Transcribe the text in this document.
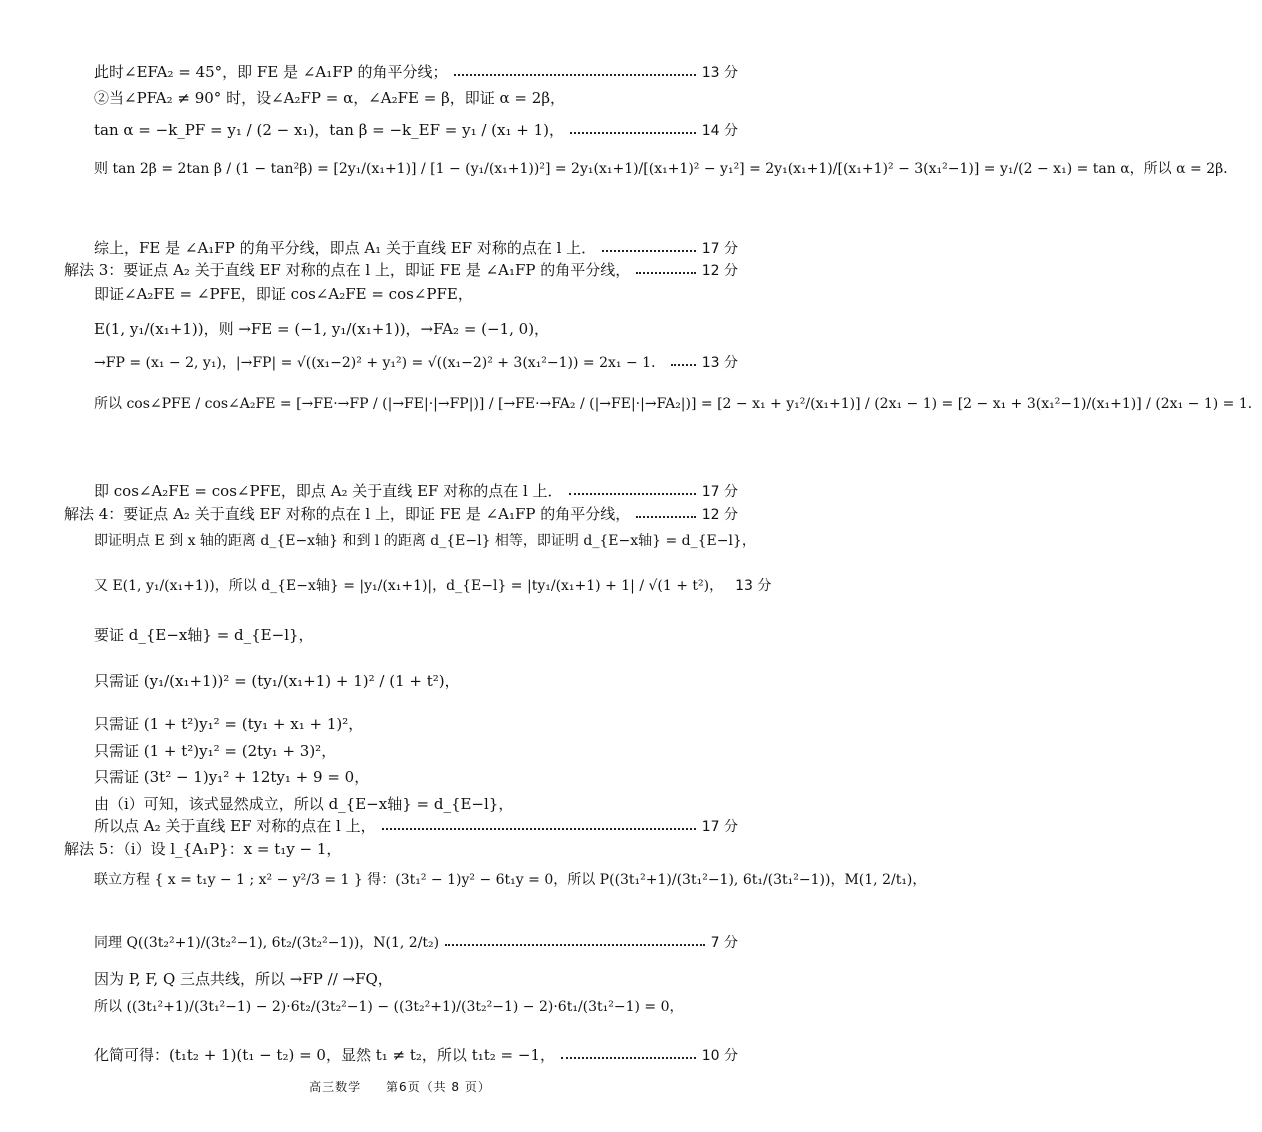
此时∠EFA₂ = 45°，即 FE 是 ∠A₁FP 的角平分线；	13 分
②当∠PFA₂ ≠ 90° 时，设∠A₂FP = α，∠A₂FE = β，即证 α = 2β，
tan α = −k_PF = y₁ / (2 − x₁)，tan β = −k_EF = y₁ / (x₁ + 1)，	14 分
则 tan 2β = 2tan β / (1 − tan²β) = [2y₁/(x₁+1)] / [1 − (y₁/(x₁+1))²] = 2y₁(x₁+1)/[(x₁+1)² − y₁²] = 2y₁(x₁+1)/[(x₁+1)² − 3(x₁²−1)] = y₁/(2 − x₁) = tan α，所以 α = 2β．
综上，FE 是 ∠A₁FP 的角平分线，即点 A₁ 关于直线 EF 对称的点在 l 上．	17 分
解法 3：要证点 A₂ 关于直线 EF 对称的点在 l 上，即证 FE 是 ∠A₁FP 的角平分线，	12 分
即证∠A₂FE = ∠PFE，即证 cos∠A₂FE = cos∠PFE，
E(1, y₁/(x₁+1))，则 →FE = (−1, y₁/(x₁+1))，→FA₂ = (−1, 0)，
→FP = (x₁ − 2, y₁)，|→FP| = √((x₁−2)² + y₁²) = √((x₁−2)² + 3(x₁²−1)) = 2x₁ − 1．	13 分
所以 cos∠PFE / cos∠A₂FE = [→FE·→FP / (|→FE|·|→FP|)] / [→FE·→FA₂ / (|→FE|·|→FA₂|)] = [2 − x₁ + y₁²/(x₁+1)] / (2x₁ − 1) = [2 − x₁ + 3(x₁²−1)/(x₁+1)] / (2x₁ − 1) = 1．
即 cos∠A₂FE = cos∠PFE，即点 A₂ 关于直线 EF 对称的点在 l 上．	17 分
解法 4：要证点 A₂ 关于直线 EF 对称的点在 l 上，即证 FE 是 ∠A₁FP 的角平分线，	12 分
即证明点 E 到 x 轴的距离 d_{E−x轴} 和到 l 的距离 d_{E−l} 相等，即证明 d_{E−x轴} = d_{E−l}，
又 E(1, y₁/(x₁+1))，所以 d_{E−x轴} = |y₁/(x₁+1)|，d_{E−l} = |ty₁/(x₁+1) + 1| / √(1 + t²)， 13 分
要证 d_{E−x轴} = d_{E−l}，
只需证 (y₁/(x₁+1))² = (ty₁/(x₁+1) + 1)² / (1 + t²)，
只需证 (1 + t²)y₁² = (ty₁ + x₁ + 1)²，
只需证 (1 + t²)y₁² = (2ty₁ + 3)²，
只需证 (3t² − 1)y₁² + 12ty₁ + 9 = 0，
由（i）可知，该式显然成立，所以 d_{E−x轴} = d_{E−l}，
所以点 A₂ 关于直线 EF 对称的点在 l 上，	17 分
解法 5：（i）设 l_{A₁P}：x = t₁y − 1，
联立方程 { x = t₁y − 1 ; x² − y²/3 = 1 } 得：(3t₁² − 1)y² − 6t₁y = 0，所以 P((3t₁²+1)/(3t₁²−1), 6t₁/(3t₁²−1))，M(1, 2/t₁)，
同理 Q((3t₂²+1)/(3t₂²−1), 6t₂/(3t₂²−1))，N(1, 2/t₂)	7 分
因为 P, F, Q 三点共线，所以 →FP // →FQ，
所以 ((3t₁²+1)/(3t₁²−1) − 2)·6t₂/(3t₂²−1) − ((3t₂²+1)/(3t₂²−1) − 2)·6t₁/(3t₁²−1) = 0，
化简可得：(t₁t₂ + 1)(t₁ − t₂) = 0，显然 t₁ ≠ t₂，所以 t₁t₂ = −1，	10 分
高三数学 第6页（共 8 页）
